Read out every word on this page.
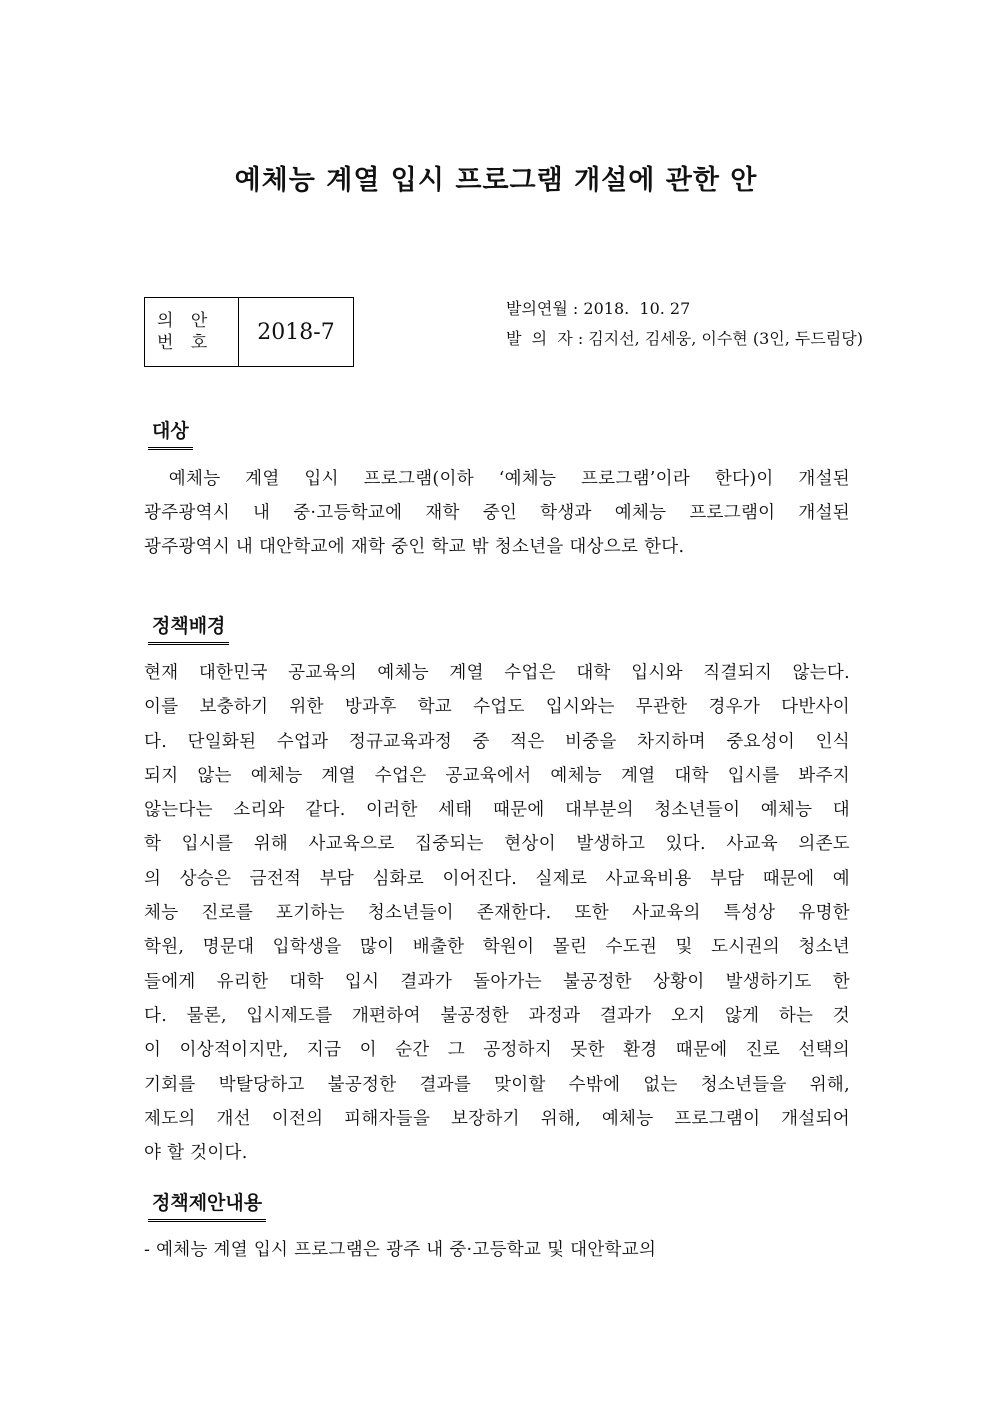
예체능 계열 입시 프로그램 개설에 관한 안
의 안
번 호	2018-7
발의연월 : 2018.  10. 27
발  의  자 : 김지선, 김세웅, 이수현 (3인, 두드림당)
대상
예체능 계열 입시 프로그램(이하 ‘예체능 프로그램’이라 한다)이 개설된
광주광역시 내 중·고등학교에 재학 중인 학생과 예체능 프로그램이 개설된
광주광역시 내 대안학교에 재학 중인 학교 밖 청소년을 대상으로 한다.
정책배경
현재 대한민국 공교육의 예체능 계열 수업은 대학 입시와 직결되지 않는다.
이를 보충하기 위한 방과후 학교 수업도 입시와는 무관한 경우가 다반사이
다. 단일화된 수업과 정규교육과정 중 적은 비중을 차지하며 중요성이 인식
되지 않는 예체능 계열 수업은 공교육에서 예체능 계열 대학 입시를 봐주지
않는다는 소리와 같다. 이러한 세태 때문에 대부분의 청소년들이 예체능 대
학 입시를 위해 사교육으로 집중되는 현상이 발생하고 있다. 사교육 의존도
의 상승은 금전적 부담 심화로 이어진다. 실제로 사교육비용 부담 때문에 예
체능 진로를 포기하는 청소년들이 존재한다. 또한 사교육의 특성상 유명한
학원, 명문대 입학생을 많이 배출한 학원이 몰린 수도권 및 도시권의 청소년
들에게 유리한 대학 입시 결과가 돌아가는 불공정한 상황이 발생하기도 한
다. 물론, 입시제도를 개편하여 불공정한 과정과 결과가 오지 않게 하는 것
이 이상적이지만, 지금 이 순간 그 공정하지 못한 환경 때문에 진로 선택의
기회를 박탈당하고 불공정한 결과를 맞이할 수밖에 없는 청소년들을 위해,
제도의 개선 이전의 피해자들을 보장하기 위해, 예체능 프로그램이 개설되어
야 할 것이다.
정책제안내용
- 예체능 계열 입시 프로그램은 광주 내 중·고등학교 및 대안학교의
